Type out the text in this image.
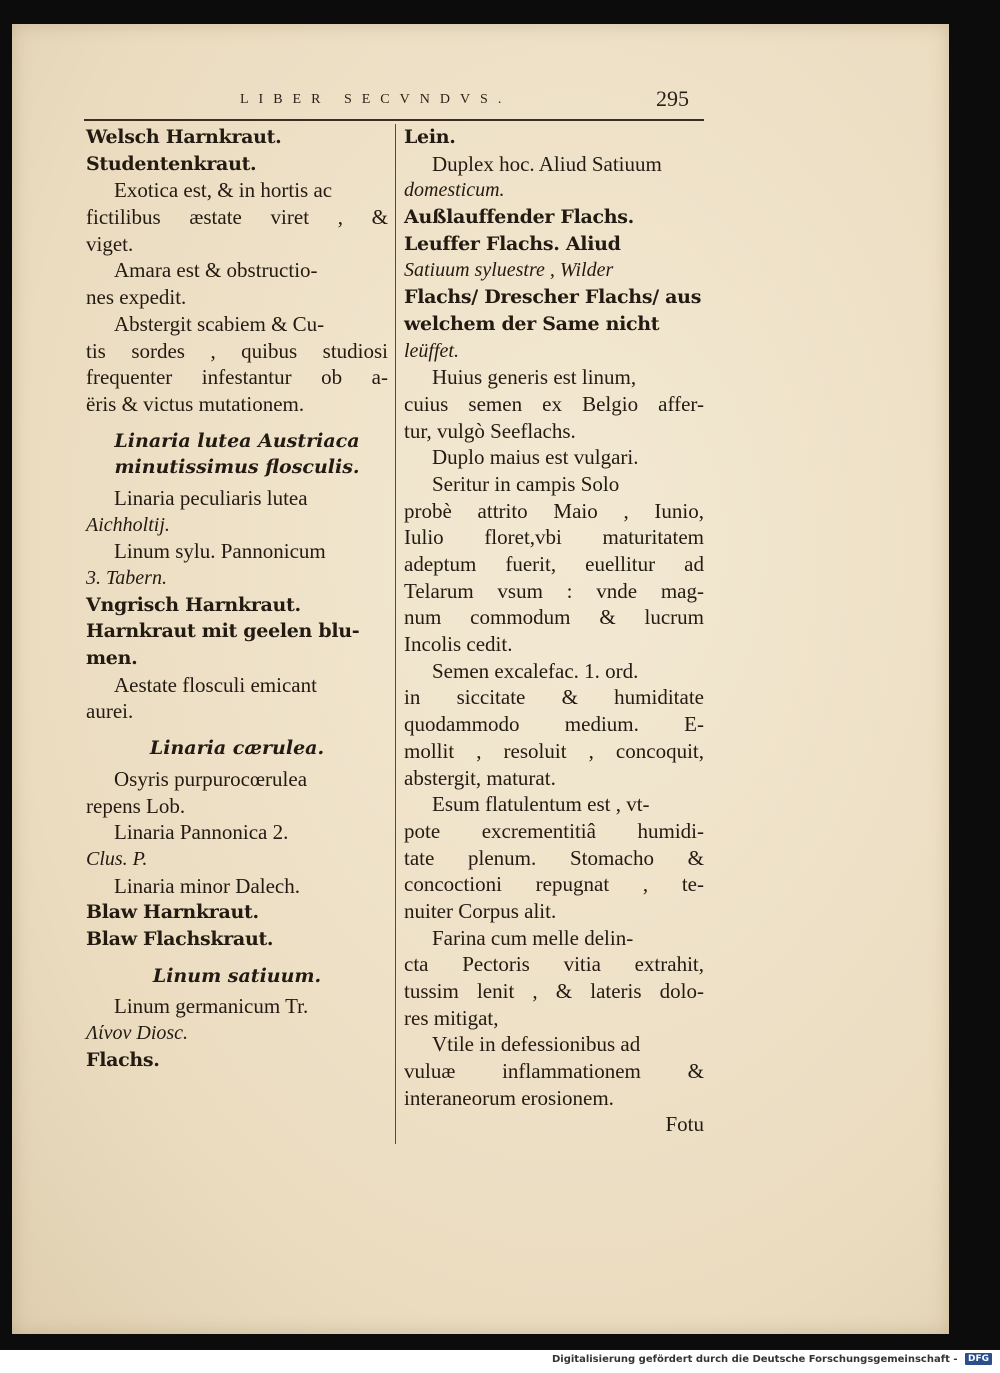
LIBER SECVNDVS.	295
Welsch Harnkraut.
Studentenkraut.
Exotica est, & in hortis ac
fictilibus æstate viret , &
viget.
Amara est & obstructio-
nes expedit.
Abstergit scabiem & Cu-
tis sordes , quibus studiosi
frequenter infestantur ob a-
ëris & victus mutationem.
Linaria lutea Austriaca
minutissimus flosculis.
Linaria peculiaris lutea
Aichholtij.
Linum sylu. Pannonicum
3. Tabern.
Vngrisch Harnkraut.
Harnkraut mit geelen blu-
men.
Aestate flosculi emicant
aurei.
Linaria cærulea.
Osyris purpurocœrulea
repens Lob.
Linaria Pannonica 2.
Clus. P.
Linaria minor Dalech.
Blaw Harnkraut.
Blaw Flachskraut.
Linum satiuum.
Linum germanicum Tr.
Λίνον Diosc.
Flachs.
Lein.
Duplex hoc. Aliud Satiuum
domesticum.
Außlauffender Flachs.
Leuffer Flachs. Aliud
Satiuum syluestre , Wilder
Flachs/ Drescher Flachs/ aus
welchem der Same nicht
leüffet.
Huius generis est linum,
cuius semen ex Belgio affer-
tur, vulgò Seeflachs.
Duplo maius est vulgari.
Seritur in campis Solo
probè attrito Maio , Iunio,
Iulio floret,vbi maturitatem
adeptum fuerit, euellitur ad
Telarum vsum : vnde mag-
num commodum & lucrum
Incolis cedit.
Semen excalefac. 1. ord.
in siccitate & humiditate
quodammodo medium. E-
mollit , resoluit , concoquit,
abstergit, maturat.
Esum flatulentum est , vt-
pote excrementitiâ humidi-
tate plenum. Stomacho &
concoctioni repugnat , te-
nuiter Corpus alit.
Farina cum melle delin-
cta Pectoris vitia extrahit,
tussim lenit , & lateris dolo-
res mitigat,
Vtile in defessionibus ad
vuluæ inflammationem &
interaneorum erosionem.
Fotu
Digitalisierung gefördert durch die Deutsche Forschungsgemeinschaft - DFG
